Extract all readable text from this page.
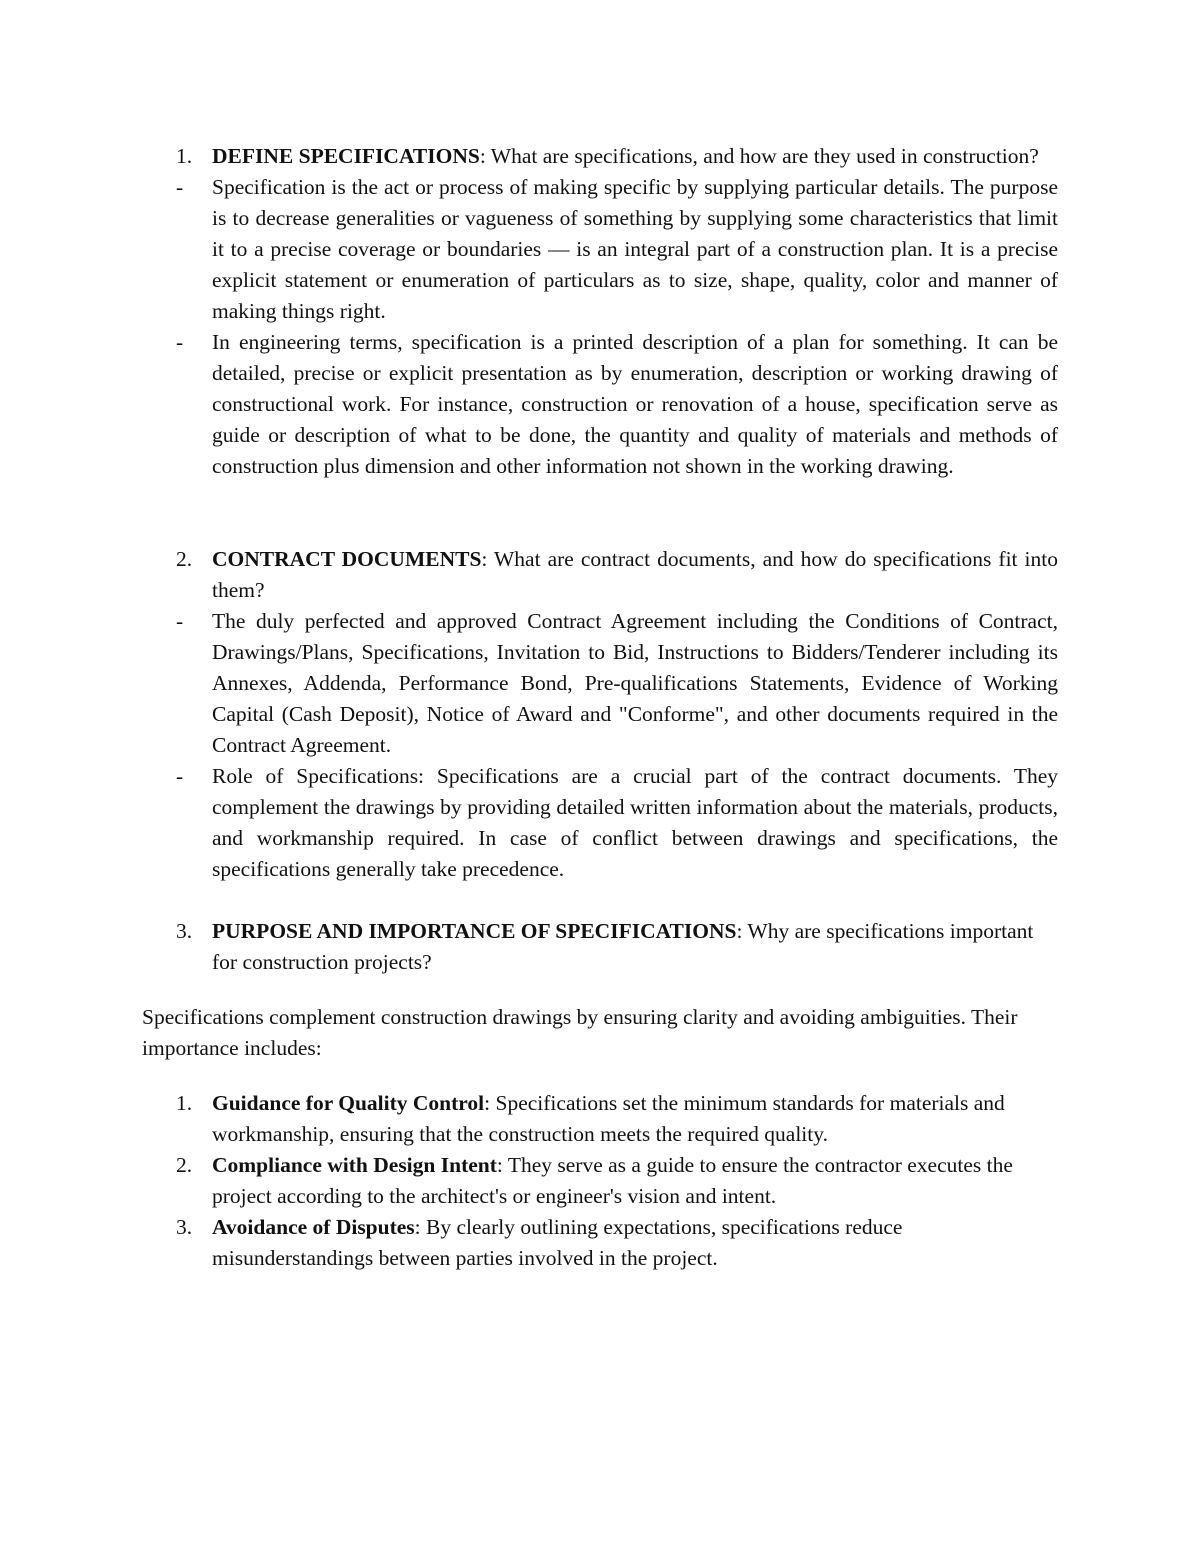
1. DEFINE SPECIFICATIONS: What are specifications, and how are they used in construction?
- Specification is the act or process of making specific by supplying particular details. The purpose is to decrease generalities or vagueness of something by supplying some characteristics that limit it to a precise coverage or boundaries — is an integral part of a construction plan. It is a precise explicit statement or enumeration of particulars as to size, shape, quality, color and manner of making things right.
- In engineering terms, specification is a printed description of a plan for something. It can be detailed, precise or explicit presentation as by enumeration, description or working drawing of constructional work. For instance, construction or renovation of a house, specification serve as guide or description of what to be done, the quantity and quality of materials and methods of construction plus dimension and other information not shown in the working drawing.
2. CONTRACT DOCUMENTS: What are contract documents, and how do specifications fit into them?
- The duly perfected and approved Contract Agreement including the Conditions of Contract, Drawings/Plans, Specifications, Invitation to Bid, Instructions to Bidders/Tenderer including its Annexes, Addenda, Performance Bond, Pre-qualifications Statements, Evidence of Working Capital (Cash Deposit), Notice of Award and "Conforme", and other documents required in the Contract Agreement.
- Role of Specifications: Specifications are a crucial part of the contract documents. They complement the drawings by providing detailed written information about the materials, products, and workmanship required. In case of conflict between drawings and specifications, the specifications generally take precedence.
3. PURPOSE AND IMPORTANCE OF SPECIFICATIONS: Why are specifications important for construction projects?
Specifications complement construction drawings by ensuring clarity and avoiding ambiguities. Their importance includes:
1. Guidance for Quality Control: Specifications set the minimum standards for materials and workmanship, ensuring that the construction meets the required quality.
2. Compliance with Design Intent: They serve as a guide to ensure the contractor executes the project according to the architect's or engineer's vision and intent.
3. Avoidance of Disputes: By clearly outlining expectations, specifications reduce misunderstandings between parties involved in the project.
